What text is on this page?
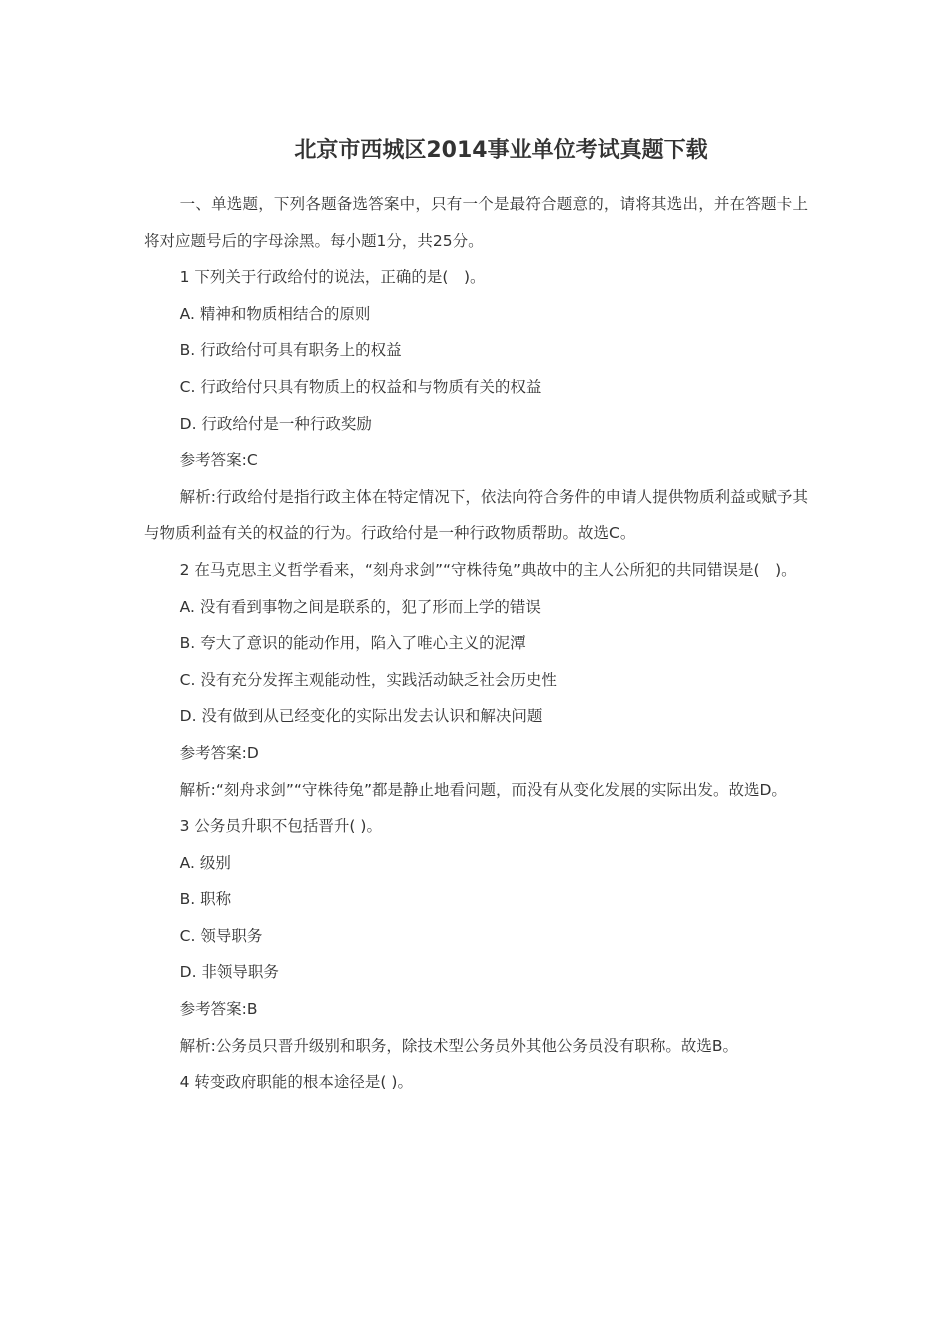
北京市西城区2014事业单位考试真题下载

一、单选题，下列各题备选答案中，只有一个是最符合题意的，请将其选出，并在答题卡上将对应题号后的字母涂黑。每小题1分，共25分。

1 下列关于行政给付的说法，正确的是(　)。

A. 精神和物质相结合的原则

B. 行政给付可具有职务上的权益

C. 行政给付只具有物质上的权益和与物质有关的权益

D. 行政给付是一种行政奖励

参考答案:C

解析:行政给付是指行政主体在特定情况下，依法向符合务件的申请人提供物质利益或赋予其与物质利益有关的权益的行为。行政给付是一种行政物质帮助。故选C。

2 在马克思主义哲学看来，“刻舟求剑”“守株待兔”典故中的主人公所犯的共同错误是(　)。

A. 没有看到事物之间是联系的，犯了形而上学的错误

B. 夸大了意识的能动作用，陷入了唯心主义的泥潭

C. 没有充分发挥主观能动性，实践活动缺乏社会历史性

D. 没有做到从已经变化的实际出发去认识和解决问题

参考答案:D

解析:“刻舟求剑”“守株待兔”都是静止地看问题，而没有从变化发展的实际出发。故选D。

3 公务员升职不包括晋升( )。

A. 级别

B. 职称

C. 领导职务

D. 非领导职务

参考答案:B

解析:公务员只晋升级别和职务，除技术型公务员外其他公务员没有职称。故选B。

4 转变政府职能的根本途径是( )。
